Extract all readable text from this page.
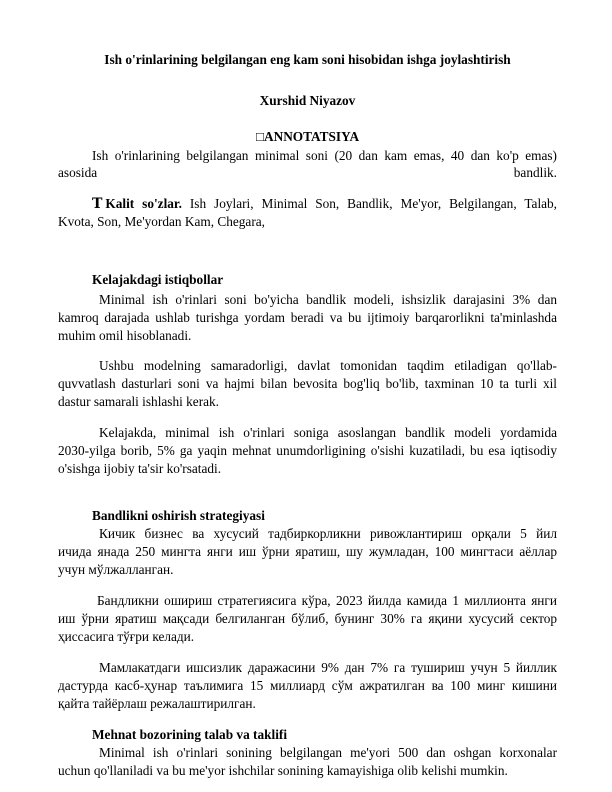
Ish o'rinlarining belgilangan eng kam soni hisobidan ishga joylashtirish
Xurshid Niyazov
□ANNOTATSIYA
Ish o'rinlarining belgilangan minimal soni (20 dan kam emas, 40 dan ko'p emas)
asosida	bandlik.
𝐓 Kalit so'zlar. Ish Joylari, Minimal Son, Bandlik, Me'yor, Belgilangan, Talab,
Kvota, Son, Me'yordan Kam, Chegara,
Kelajakdagi istiqbollar
Minimal ish o'rinlari soni bo'yicha bandlik modeli, ishsizlik darajasini 3% dan
kamroq darajada ushlab turishga yordam beradi va bu ijtimoiy barqarorlikni ta'minlashda
muhim omil hisoblanadi.
Ushbu modelning samaradorligi, davlat tomonidan taqdim etiladigan qo'llab-
quvvatlash dasturlari soni va hajmi bilan bevosita bog'liq bo'lib, taxminan 10 ta turli xil
dastur samarali ishlashi kerak.
Kelajakda, minimal ish o'rinlari soniga asoslangan bandlik modeli yordamida
2030-yilga borib, 5% ga yaqin mehnat unumdorligining o'sishi kuzatiladi, bu esa iqtisodiy
o'sishga ijobiy ta'sir ko'rsatadi.
Bandlikni oshirish strategiyasi
Кичик бизнес ва хусусий тадбиркорликни ривожлантириш орқали 5 йил
ичида янада 250 мингта янги иш ўрни яратиш, шу жумладан, 100 мингтаси аёллар
учун мўлжалланган.
Бандликни ошириш стратегиясига кўра, 2023 йилда камида 1 миллионта янги
иш ўрни яратиш мақсади белгиланган бўлиб, бунинг 30% га яқини хусусий сектор
ҳиссасига тўғри келади.
Мамлакатдаги ишсизлик даражасини 9% дан 7% га тушириш учун 5 йиллик
дастурда касб-ҳунар таълимига 15 миллиард сўм ажратилган ва 100 минг кишини
қайта тайёрлаш режалаштирилган.
Mehnat bozorining talab va taklifi
Minimal ish o'rinlari sonining belgilangan me'yori 500 dan oshgan korxonalar
uchun qo'llaniladi va bu me'yor ishchilar sonining kamayishiga olib kelishi mumkin.
